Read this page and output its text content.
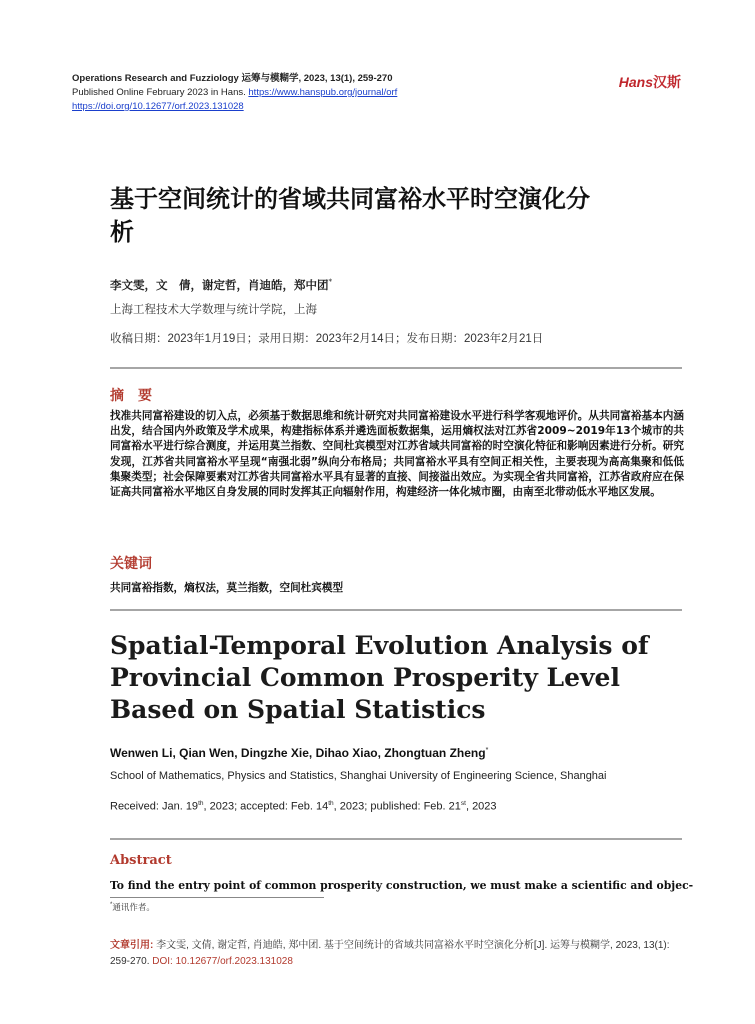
Operations Research and Fuzziology 运筹与模糊学, 2023, 13(1), 259-270
Published Online February 2023 in Hans. https://www.hanspub.org/journal/orf
https://doi.org/10.12677/orf.2023.131028
Hans汉斯
基于空间统计的省域共同富裕水平时空演化分析
李文雯，文　倩，谢定哲，肖迪皓，郑中团*
上海工程技术大学数理与统计学院，上海
收稿日期：2023年1月19日；录用日期：2023年2月14日；发布日期：2023年2月21日
摘　要
找准共同富裕建设的切入点，必须基于数据思维和统计研究对共同富裕建设水平进行科学客观地评价。从共同富裕基本内涵出发，结合国内外政策及学术成果，构建指标体系并遴选面板数据集，运用熵权法对江苏省2009~2019年13个城市的共同富裕水平进行综合测度，并运用莫兰指数、空间杜宾模型对江苏省域共同富裕的时空演化特征和影响因素进行分析。研究发现，江苏省共同富裕水平呈现“南强北弱”纵向分布格局；共同富裕水平具有空间正相关性，主要表现为高高集聚和低低集聚类型；社会保障要素对江苏省共同富裕水平具有显著的直接、间接溢出效应。为实现全省共同富裕，江苏省政府应在保证高共同富裕水平地区自身发展的同时发挥其正向辐射作用，构建经济一体化城市圈，由南至北带动低水平地区发展。
关键词
共同富裕指数，熵权法，莫兰指数，空间杜宾模型
Spatial-Temporal Evolution Analysis of Provincial Common Prosperity Level Based on Spatial Statistics
Wenwen Li, Qian Wen, Dingzhe Xie, Dihao Xiao, Zhongtuan Zheng*
School of Mathematics, Physics and Statistics, Shanghai University of Engineering Science, Shanghai
Received: Jan. 19th, 2023; accepted: Feb. 14th, 2023; published: Feb. 21st, 2023
Abstract
To find the entry point of common prosperity construction, we must make a scientific and objec-
*通讯作者。
文章引用: 李文雯, 文倩, 谢定哲, 肖迪皓, 郑中团. 基于空间统计的省域共同富裕水平时空演化分析[J]. 运筹与模糊学, 2023, 13(1): 259-270. DOI: 10.12677/orf.2023.131028
